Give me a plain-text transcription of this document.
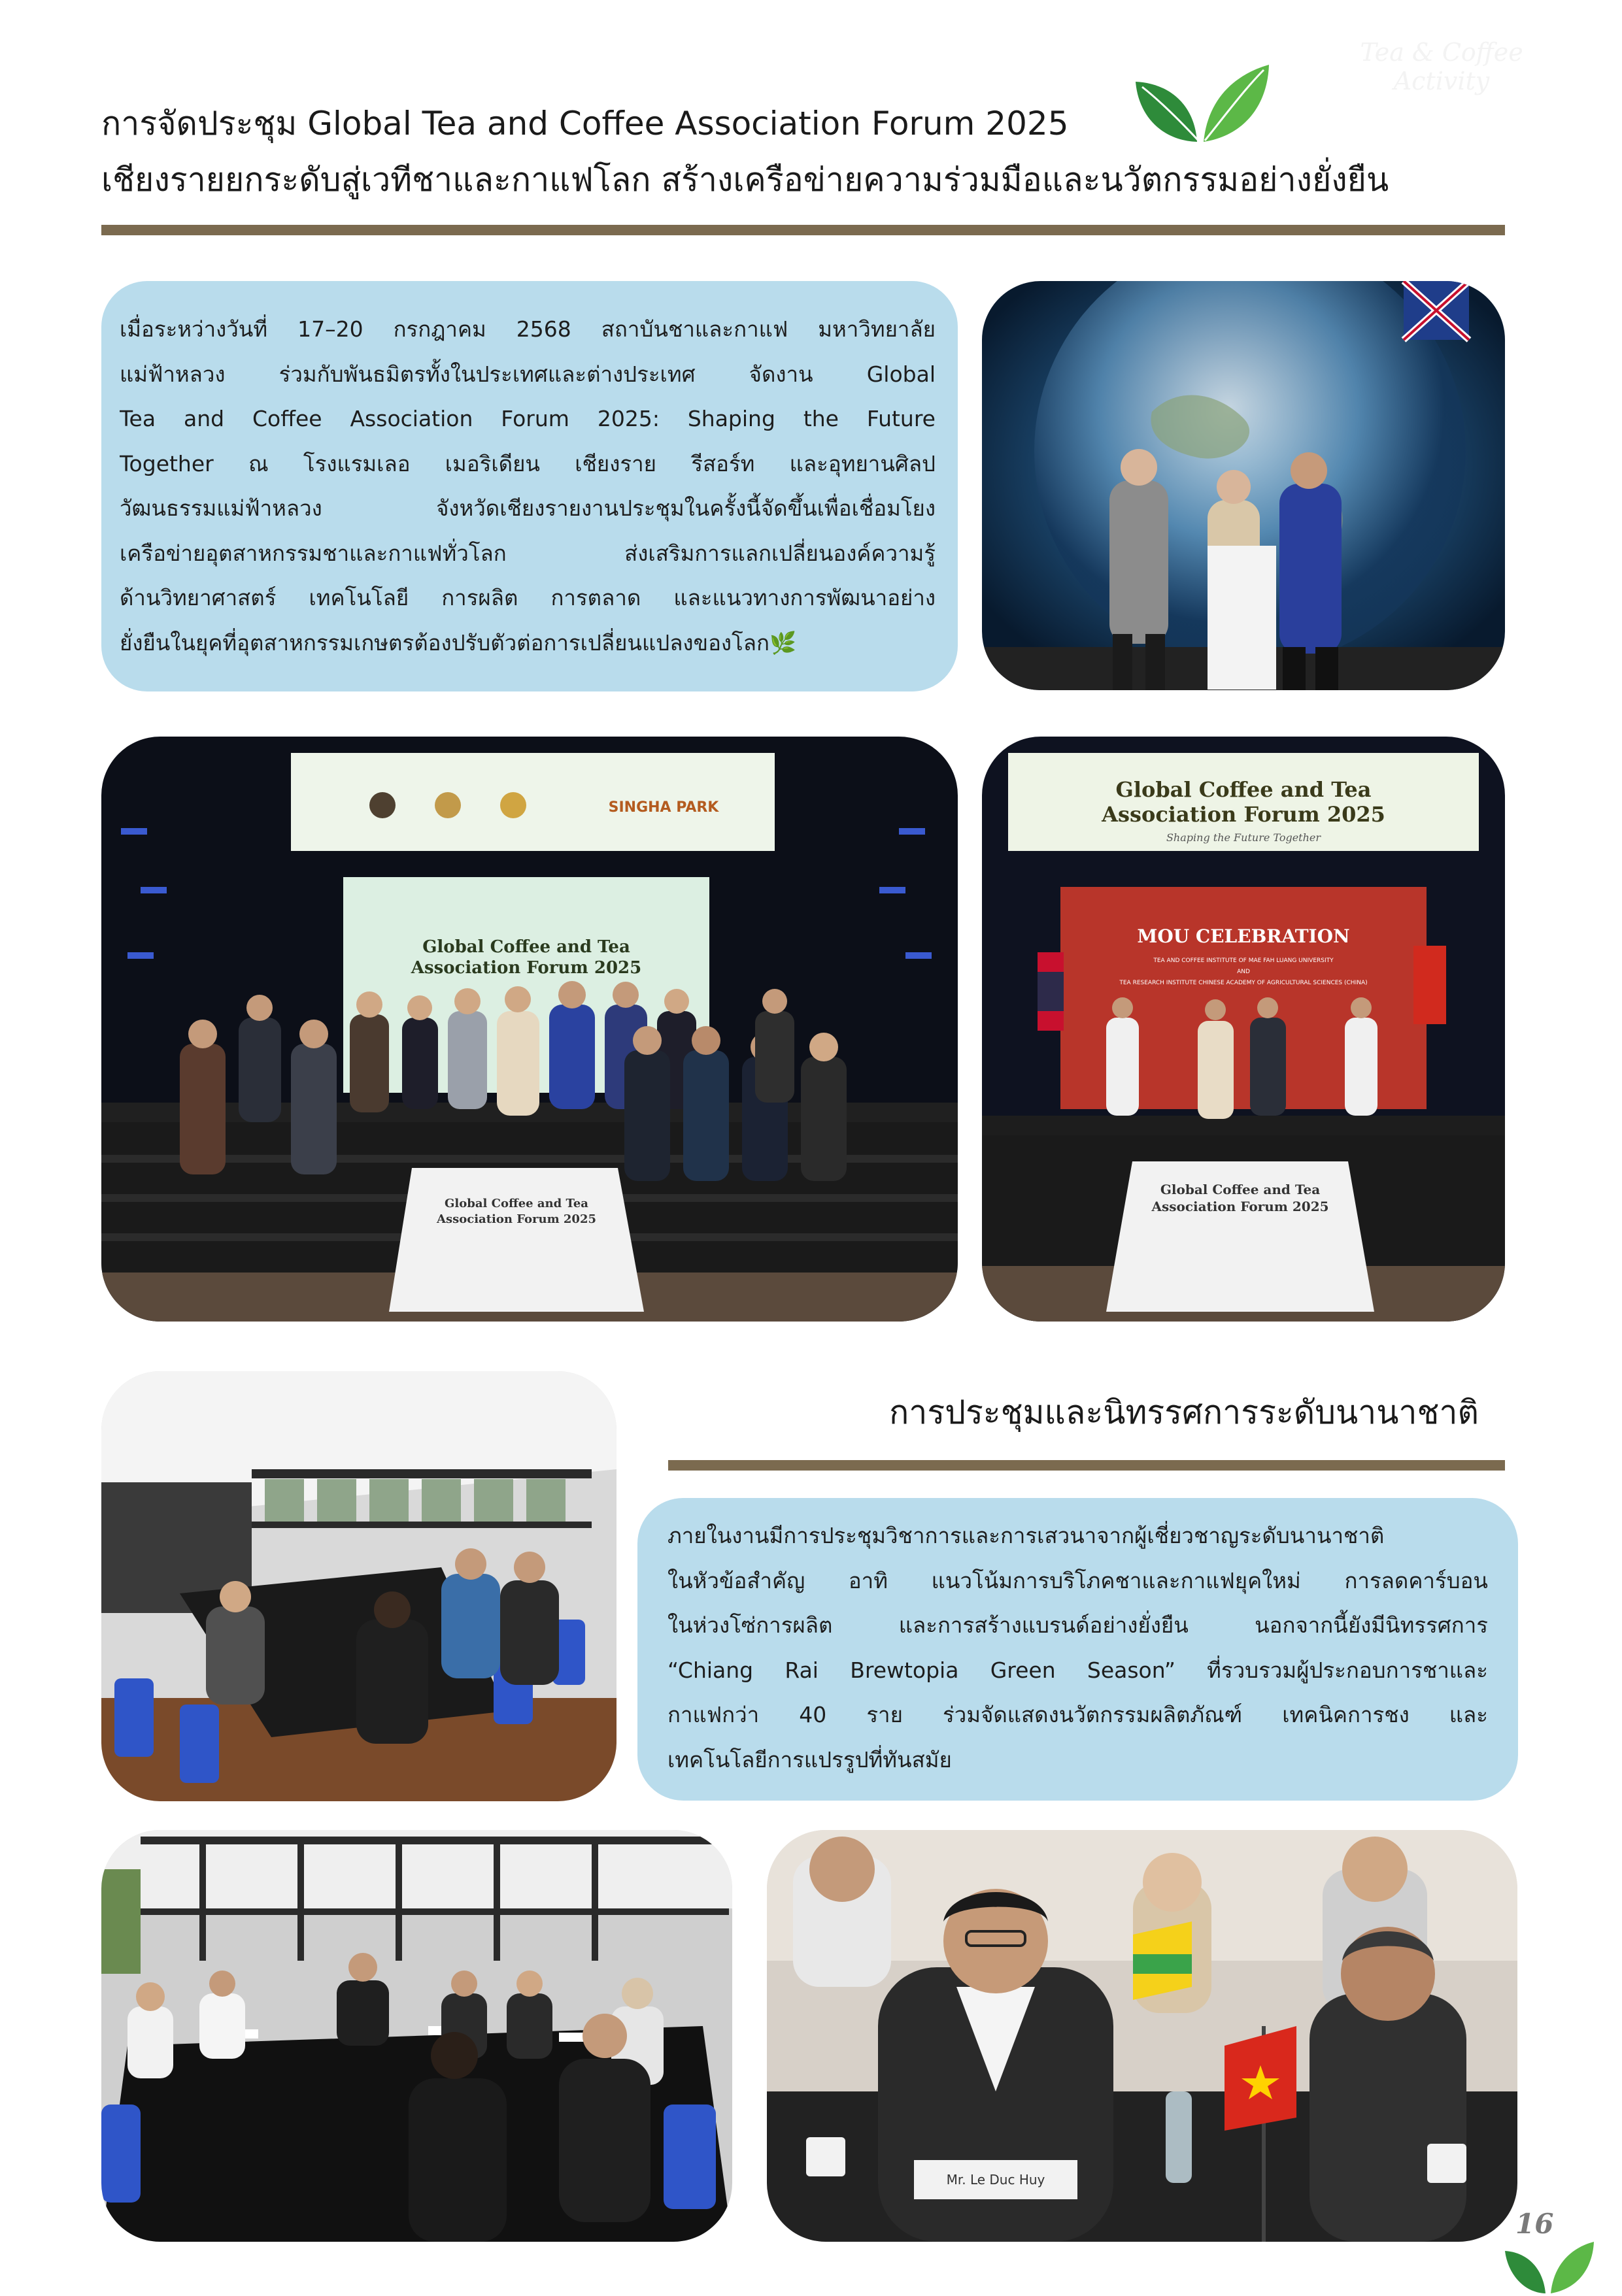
การจัดประชุม Global Tea and Coffee Association Forum 2025
เชียงรายยกระดับสู่เวทีชาและกาแฟโลก สร้างเครือข่ายความร่วมมือและนวัตกรรมอย่างยั่งยืน
Tea & Coffee
Activity
เมื่อระหว่างวันที่ 17–20 กรกฎาคม 2568 สถาบันชาและกาแฟ มหาวิทยาลัย
แม่ฟ้าหลวง ร่วมกับพันธมิตรทั้งในประเทศและต่างประเทศ จัดงาน Global
Tea and Coffee Association Forum 2025: Shaping the Future
Together ณ โรงแรมเลอ เมอริเดียน เชียงราย รีสอร์ท และอุทยานศิลป
วัฒนธรรมแม่ฟ้าหลวง จังหวัดเชียงรายงานประชุมในครั้งนี้จัดขึ้นเพื่อเชื่อมโยง
เครือข่ายอุตสาหกรรมชาและกาแฟทั่วโลก ส่งเสริมการแลกเปลี่ยนองค์ความรู้
ด้านวิทยาศาสตร์ เทคโนโลยี การผลิต การตลาด และแนวทางการพัฒนาอย่าง
ยั่งยืนในยุคที่อุตสาหกรรมเกษตรต้องปรับตัวต่อการเปลี่ยนแปลงของโลก🌿
Global Coffee and Tea
Association Forum 2025
SINGHA PARK
Global Coffee and Tea
Association Forum 2025
Global Coffee and Tea
Association Forum 2025
Shaping the Future Together
MOU CELEBRATION
TEA AND COFFEE INSTITUTE OF MAE FAH LUANG UNIVERSITY
AND
TEA RESEARCH INSTITUTE CHINESE ACADEMY OF AGRICULTURAL SCIENCES (CHINA)
Global Coffee and Tea
Association Forum 2025
การประชุมและนิทรรศการระดับนานาชาติ
ภายในงานมีการประชุมวิชาการและการเสวนาจากผู้เชี่ยวชาญระดับนานาชาติ
ในหัวข้อสำคัญ อาทิ แนวโน้มการบริโภคชาและกาแฟยุคใหม่ การลดคาร์บอน
ในห่วงโซ่การผลิต และการสร้างแบรนด์อย่างยั่งยืน นอกจากนี้ยังมีนิทรรศการ
“Chiang Rai Brewtopia Green Season” ที่รวบรวมผู้ประกอบการชาและ
กาแฟกว่า 40 ราย ร่วมจัดแสดงนวัตกรรมผลิตภัณฑ์ เทคนิคการชง และ
เทคโนโลยีการแปรรูปที่ทันสมัย
Mr. Le Duc Huy
16
